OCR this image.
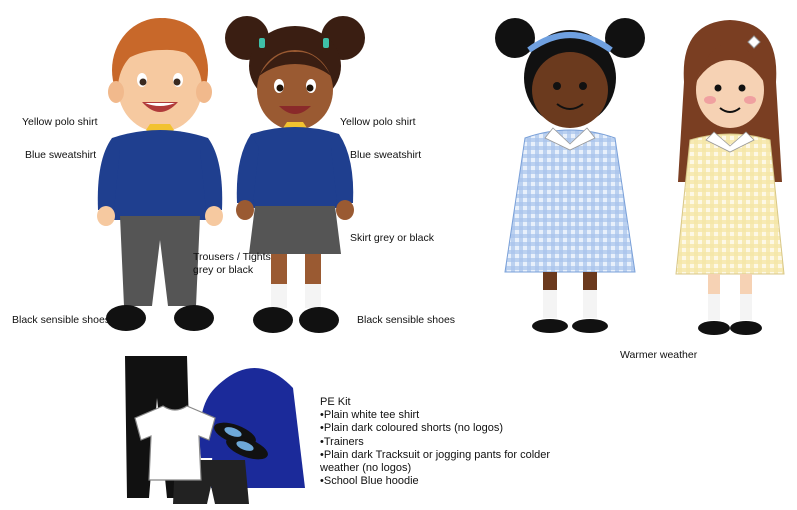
Yellow polo shirt
Blue sweatshirt
Trousers / Tights
grey or black
Black sensible shoes
Yellow polo shirt
Blue sweatshirt
Skirt grey or black
Black sensible shoes
Warmer weather
PE Kit
•Plain white tee shirt
•Plain dark coloured shorts (no logos)
•Trainers
•Plain dark Tracksuit or jogging pants for colder weather (no logos)
•School Blue hoodie
